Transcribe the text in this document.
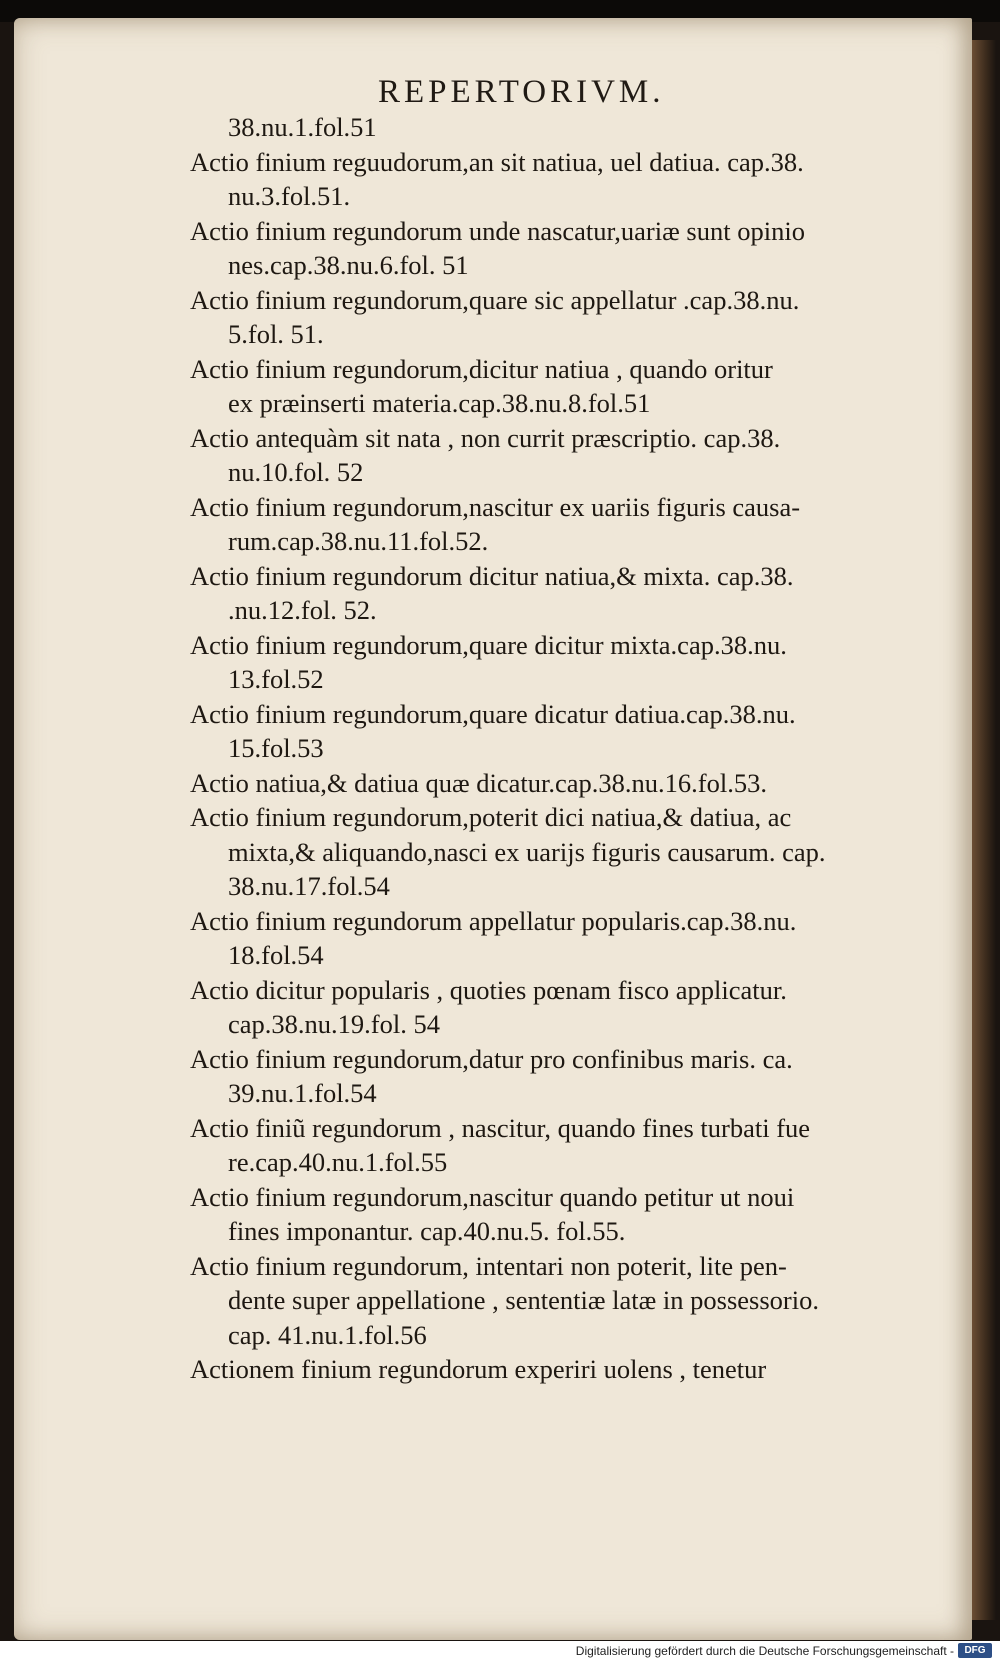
REPERTORIVM.
38.nu.1.fol.51
Actio finium reguudorum,an sit natiua, uel datiua. cap.38.
nu.3.fol.51.
Actio finium regundorum unde nascatur,uariæ sunt opinio
nes.cap.38.nu.6.fol. 51
Actio finium regundorum,quare sic appellatur .cap.38.nu.
5.fol. 51.
Actio finium regundorum,dicitur natiua , quando oritur
ex præinserti materia.cap.38.nu.8.fol.51
Actio antequàm sit nata , non currit præscriptio. cap.38.
nu.10.fol. 52
Actio finium regundorum,nascitur ex uariis figuris causa-
rum.cap.38.nu.11.fol.52.
Actio finium regundorum dicitur natiua,& mixta. cap.38.
.nu.12.fol. 52.
Actio finium regundorum,quare dicitur mixta.cap.38.nu.
13.fol.52
Actio finium regundorum,quare dicatur datiua.cap.38.nu.
15.fol.53
Actio natiua,& datiua quæ dicatur.cap.38.nu.16.fol.53.
Actio finium regundorum,poterit dici natiua,& datiua, ac
mixta,& aliquando,nasci ex uarijs figuris causarum. cap.
38.nu.17.fol.54
Actio finium regundorum appellatur popularis.cap.38.nu.
18.fol.54
Actio dicitur popularis , quoties pœnam fisco applicatur.
cap.38.nu.19.fol. 54
Actio finium regundorum,datur pro confinibus maris. ca.
39.nu.1.fol.54
Actio finiũ regundorum , nascitur, quando fines turbati fue
re.cap.40.nu.1.fol.55
Actio finium regundorum,nascitur quando petitur ut noui
fines imponantur. cap.40.nu.5. fol.55.
Actio finium regundorum, intentari non poterit, lite pen-
dente super appellatione , sententiæ latæ in possessorio.
cap. 41.nu.1.fol.56
Actionem finium regundorum experiri uolens , tenetur
Digitalisierung gefördert durch die Deutsche Forschungsgemeinschaft -	DFG
